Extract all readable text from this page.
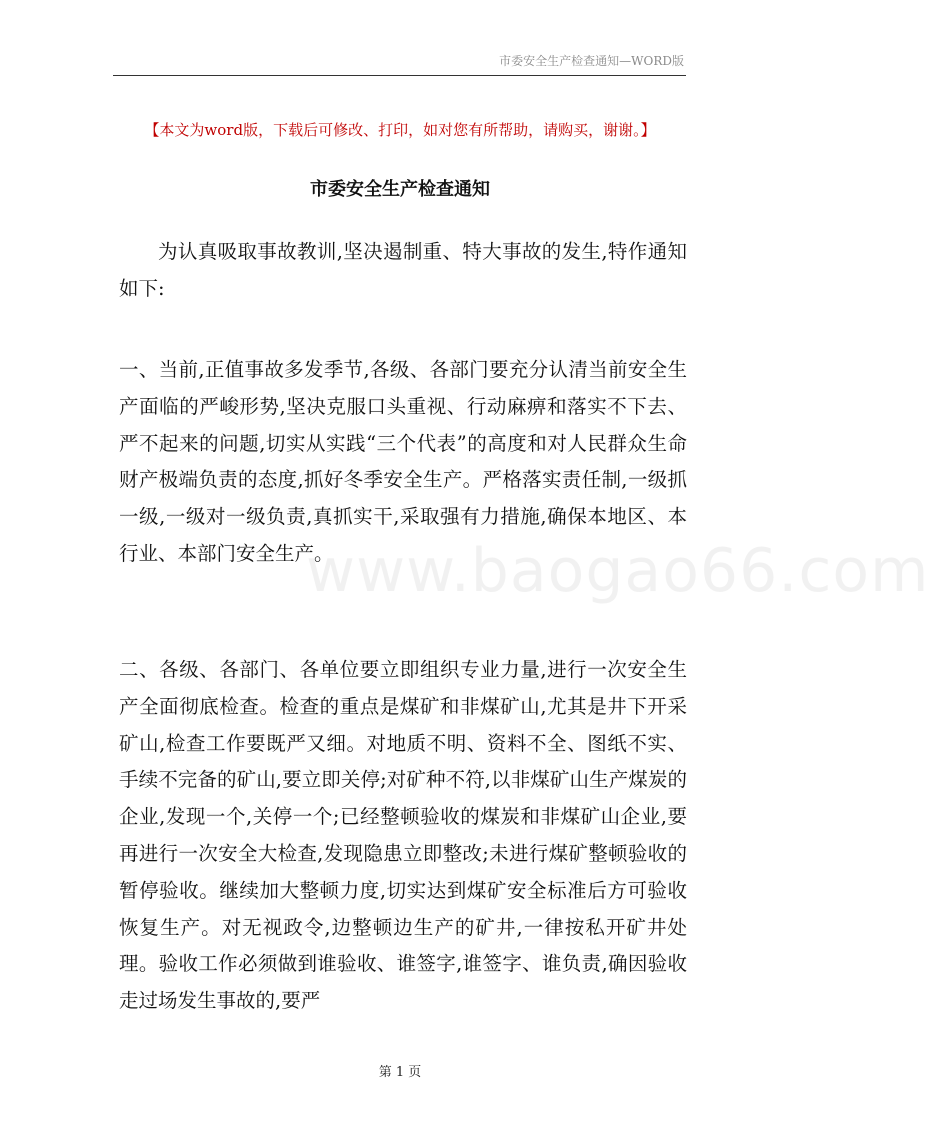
市委安全生产检查通知—WORD版
【本文为word版，下载后可修改、打印，如对您有所帮助，请购买，谢谢。】
市委安全生产检查通知

为认真吸取事故教训,坚决遏制重、特大事故的发生,特作通知如下:

一、当前,正值事故多发季节,各级、各部门要充分认清当前安全生产面临的严峻形势,坚决克服口头重视、行动麻痹和落实不下去、严不起来的问题,切实从实践“三个代表”的高度和对人民群众生命财产极端负责的态度,抓好冬季安全生产。严格落实责任制,一级抓一级,一级对一级负责,真抓实干,采取强有力措施,确保本地区、本行业、本部门安全生产。

二、各级、各部门、各单位要立即组织专业力量,进行一次安全生产全面彻底检查。检查的重点是煤矿和非煤矿山,尤其是井下开采矿山,检查工作要既严又细。对地质不明、资料不全、图纸不实、手续不完备的矿山,要立即关停;对矿种不符,以非煤矿山生产煤炭的企业,发现一个,关停一个;已经整顿验收的煤炭和非煤矿山企业,要再进行一次安全大检查,发现隐患立即整改;未进行煤矿整顿验收的暂停验收。继续加大整顿力度,切实达到煤矿安全标准后方可验收恢复生产。对无视政令,边整顿边生产的矿井,一律按私开矿井处理。验收工作必须做到谁验收、谁签字,谁签字、谁负责,确因验收走过场发生事故的,要严

www.baogao66.com
第 1 页
